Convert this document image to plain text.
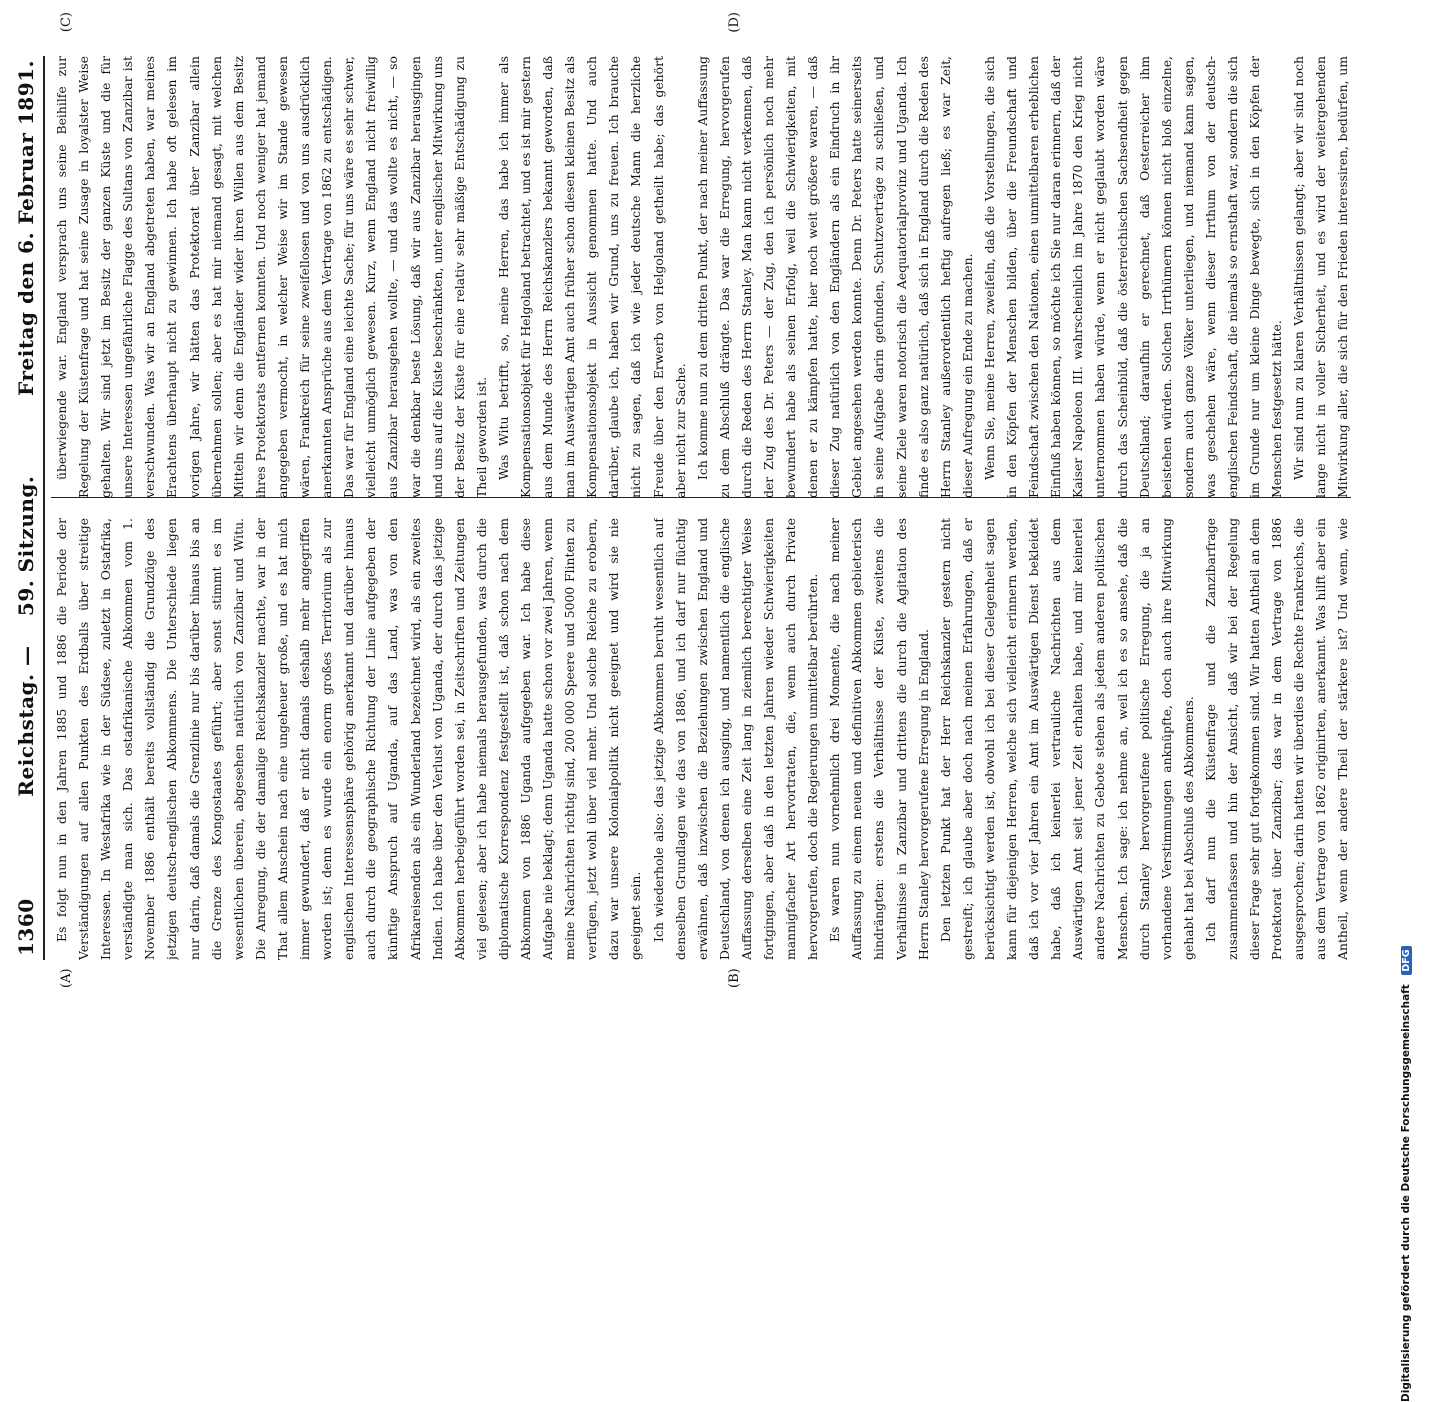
1360
Reichstag. — 59. Sitzung.
Freitag den 6. Februar 1891.
(A)	(B)
(C)	(D)

Es folgt nun in den Jahren 1885 und 1886 die Periode der Verständigungen auf allen Punkten des Erdballs über streitige Interessen. In Westafrika wie in der Südsee, zuletzt in Ostafrika, verständigte man sich. Das ostafrikanische Abkommen vom 1. November 1886 enthält bereits vollständig die Grundzüge des jetzigen deutsch-englischen Abkommens. Die Unterschiede liegen nur darin, daß damals die Grenzlinie nur bis darüber hinaus bis an die Grenze des Kongostaates geführt; aber sonst stimmt es im wesentlichen überein, abgesehen natürlich von Zanzibar und Witu. Die Anregung, die der damalige Reichskanzler machte, war in der That allem Anschein nach eine ungeheuer große, und es hat mich immer gewundert, daß er nicht damals deshalb mehr angegriffen worden ist; denn es wurde ein enorm großes Territorium als zur englischen Interessensphäre gehörig anerkannt und darüber hinaus auch durch die geographische Richtung der Linie aufgegeben der künftige Anspruch auf Uganda, auf das Land, was von den Afrikareisenden als ein Wunderland bezeichnet wird, als ein zweites Indien. Ich habe über den Verlust von Uganda, der durch das jetzige Abkommen herbeigeführt worden sei, in Zeitschriften und Zeitungen viel gelesen; aber ich habe niemals herausgefunden, was durch die diplomatische Korrespondenz festgestellt ist, daß schon nach dem Abkommen von 1886 Uganda aufgegeben war. Ich habe diese Aufgabe nie beklagt; denn Uganda hatte schon vor zwei Jahren, wenn meine Nachrichten richtig sind, 200 000 Speere und 5000 Flinten zu verfügen, jetzt wohl über viel mehr. Und solche Reiche zu erobern, dazu war unsere Kolonialpolitik nicht geeignet und wird sie nie geeignet sein. Ich wiederhole also: das jetzige Abkommen beruht wesentlich auf denselben Grundlagen wie das von 1886, und ich darf nur flüchtig erwähnen, daß inzwischen die Beziehungen zwischen England und Deutschland, von denen ich ausging, und namentlich die englische Auffassung derselben eine Zeit lang in ziemlich berechtigter Weise fortgingen, aber daß in den letzten Jahren wieder Schwierigkeiten mannigfacher Art hervortraten, die, wenn auch durch Private hervorgerufen, doch die Regierungen unmittelbar berührten. Es waren nun vornehmlich drei Momente, die nach meiner Auffassung zu einem neuen und definitiven Abkommen gebieterisch hindrängten: erstens die Verhältnisse der Küste, zweitens die Verhältnisse in Zanzibar und drittens die durch die Agitation des Herrn Stanley hervorgerufene Erregung in England. Den letzten Punkt hat der Herr Reichskanzler gestern nicht gestreift; ich glaube aber doch nach meinen Erfahrungen, daß er berücksichtigt werden ist, obwohl ich bei dieser Gelegenheit sagen kann für diejenigen Herren, welche sich vielleicht erinnern werden, daß ich vor vier Jahren ein Amt im Auswärtigen Dienst bekleidet habe, daß ich keinerlei vertrauliche Nachrichten aus dem Auswärtigen Amt seit jener Zeit erhalten habe, und mir keinerlei andere Nachrichten zu Gebote stehen als jedem anderen politischen Menschen. Ich sage: ich nehme an, weil ich es so ansehe, daß die durch Stanley hervorgerufene politische Erregung, die ja an vorhandene Verstimmungen anknüpfte, doch auch ihre Mitwirkung gehabt hat bei Abschluß des Abkommens. Ich darf nun die Küstenfrage und die Zanzibarfrage zusammenfassen und hin der Ansicht, daß wir bei der Regelung dieser Frage sehr gut fortgekommen sind. Wir hatten Antheil an dem Protektorat über Zanzibar; das war in dem Vertrage von 1886 ausgesprochen; darin hatten wir überdies die Rechte Frankreichs, die aus dem Vertrage von 1862 originirten, anerkannt. Was hilft aber ein Antheil, wenn der andere Theil der stärkere ist? Und wenn, wie

überwiegende war. England versprach uns seine Beihilfe zur Regelung der Küstenfrage und hat seine Zusage in loyalster Weise gehalten. Wir sind jetzt im Besitz der ganzen Küste und die für unsere Interessen ungefährliche Flagge des Sultans von Zanzibar ist verschwunden. Was wir an England abgetreten haben, war meines Erachtens überhaupt nicht zu gewinnen. Ich habe oft gelesen im vorigen Jahre, wir hätten das Protektorat über Zanzibar allein übernehmen sollen; aber es hat mir niemand gesagt, mit welchen Mitteln wir denn die Engländer wider ihren Willen aus dem Besitz ihres Protektorats entfernen konnten. Und noch weniger hat jemand angegeben vermocht, in welcher Weise wir im Stande gewesen wären, Frankreich für seine zweifellosen und von uns ausdrücklich anerkannten Ansprüche aus dem Vertrage von 1862 zu entschädigen. Das war für England eine leichte Sache; für uns wäre es sehr schwer, vielleicht unmöglich gewesen. Kurz, wenn England nicht freiwillig aus Zanzibar herausgehen wollte, — und das wollte es nicht, — so war die denkbar beste Lösung, daß wir aus Zanzibar herausgingen und uns auf die Küste beschränkten, unter englischer Mitwirkung uns der Besitz der Küste für eine relativ sehr mäßige Entschädigung zu Theil geworden ist. Was Witu betrifft, so, meine Herren, das habe ich immer als Kompensationsobjekt für Helgoland betrachtet, und es ist mir gestern aus dem Munde des Herrn Reichskanzlers bekannt geworden, daß man im Auswärtigen Amt auch früher schon diesen kleinen Besitz als Kompensationsobjekt in Aussicht genommen hatte. Und auch darüber, glaube ich, haben wir Grund, uns zu freuen. Ich brauche nicht zu sagen, daß ich wie jeder deutsche Mann die herzliche Freude über den Erwerb von Helgoland getheilt habe; das gehört aber nicht zur Sache. Ich komme nun zu dem dritten Punkt, der nach meiner Auffassung zu dem Abschluß drängte. Das war die Erregung, hervorgerufen durch die Reden des Herrn Stanley. Man kann nicht verkennen, daß der Zug des Dr. Peters — der Zug, den ich persönlich noch mehr bewundert habe als seinen Erfolg, weil die Schwierigkeiten, mit denen er zu kämpfen hatte, hier noch weit größere waren, — daß dieser Zug natürlich von den Engländern als ein Eindruch in ihr Gebiet angesehen werden konnte. Denn Dr. Peters hatte seinerseits in seine Aufgabe darin gefunden, Schutzverträge zu schließen, und seine Ziele waren notorisch die Aequatorialprovinz und Uganda. Ich finde es also ganz natürlich, daß sich in England durch die Reden des Herrn Stanley außerordentlich heftig aufregen ließ; es war Zeit, dieser Aufregung ein Ende zu machen. Wenn Sie, meine Herren, zweifeln, daß die Vorstellungen, die sich in den Köpfen der Menschen bilden, über die Freundschaft und Feindschaft zwischen den Nationen, einen unmittelbaren erheblichen Einfluß haben können, so möchte ich Sie nur daran erinnern, daß der Kaiser Napoleon III. wahrscheinlich im Jahre 1870 den Krieg nicht unternommen haben würde, wenn er nicht geglaubt worden wäre durch das Scheinbild, daß die österreichischen Sachsendheit gegen Deutschland; daraufhin er gerechnet, daß Oesterreicher ihm beistehen würden. Solchen Irrthümern können nicht bloß einzelne, sondern auch ganze Völker unterliegen, und niemand kann sagen, was geschehen wäre, wenn dieser Irrthum von der deutsch-englischen Feindschaft, die niemals so ernsthaft war, sondern die sich im Grunde nur um kleine Dinge bewegte, sich in den Köpfen der Menschen festgesetzt hätte. Wir sind nun zu klaren Verhältnissen gelangt; aber wir sind noch lange nicht in voller Sicherheit, und es wird der weitergehenden Mitwirkung aller, die sich für den Frieden interessiren, bedürfen, um

Digitalisierung gefördert durch die Deutsche Forschungsgemeinschaft DFG
